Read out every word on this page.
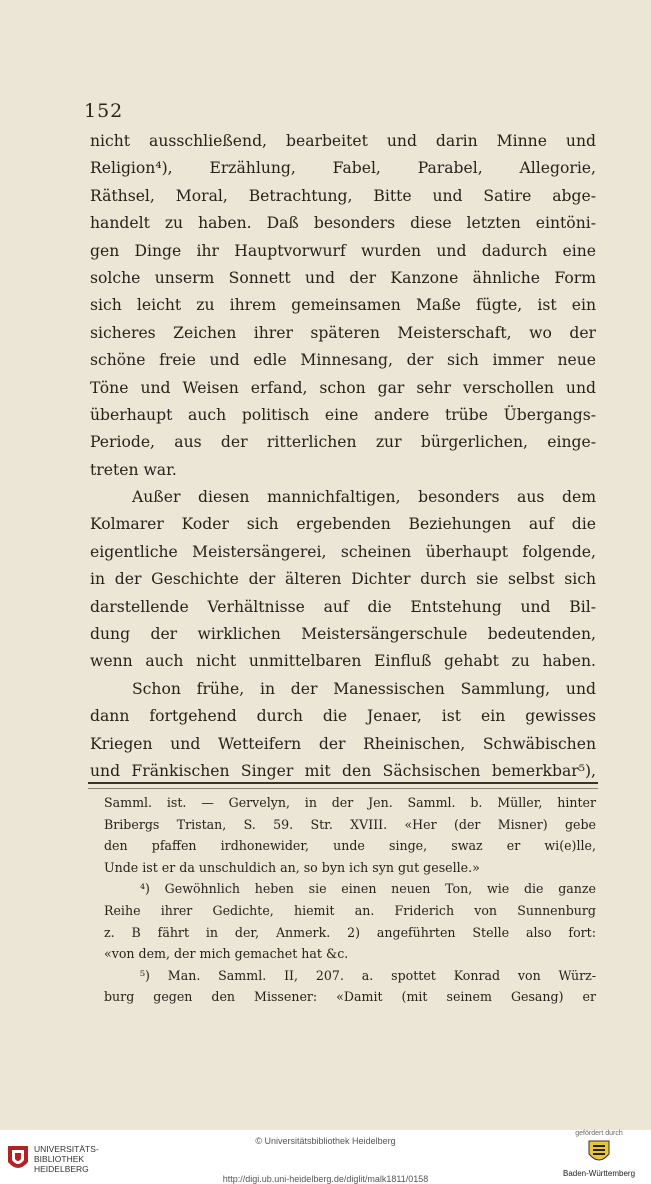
152
nicht ausschließend, bearbeitet und darin Minne und
Religion⁴), Erzählung, Fabel, Parabel, Allegorie,
Räthsel, Moral, Betrachtung, Bitte und Satire abge-
handelt zu haben. Daß besonders diese letzten eintöni-
gen Dinge ihr Hauptvorwurf wurden und dadurch eine
solche unserm Sonnett und der Kanzone ähnliche Form
sich leicht zu ihrem gemeinsamen Maße fügte, ist ein
sicheres Zeichen ihrer späteren Meisterschaft, wo der
schöne freie und edle Minnesang, der sich immer neue
Töne und Weisen erfand, schon gar sehr verschollen und
überhaupt auch politisch eine andere trübe Übergangs-
Periode, aus der ritterlichen zur bürgerlichen, einge-
treten war.
Außer diesen mannichfaltigen, besonders aus dem
Kolmarer Koder sich ergebenden Beziehungen auf die
eigentliche Meistersängerei, scheinen überhaupt folgende,
in der Geschichte der älteren Dichter durch sie selbst sich
darstellende Verhältnisse auf die Entstehung und Bil-
dung der wirklichen Meistersängerschule bedeutenden,
wenn auch nicht unmittelbaren Einfluß gehabt zu haben.
Schon frühe, in der Manessischen Sammlung, und
dann fortgehend durch die Jenaer, ist ein gewisses
Kriegen und Wetteifern der Rheinischen, Schwäbischen
und Fränkischen Singer mit den Sächsischen bemerkbar⁵),
Samml. ist. — Gervelyn, in der Jen. Samml. b. Müller, hinter
Bribergs Tristan, S. 59. Str. XVIII. «Her (der Misner) gebe
den pfaffen irdhonewider, unde singe, swaz er wi(e)lle,
Unde ist er da unschuldich an, so byn ich syn gut geselle.»
⁴) Gewöhnlich heben sie einen neuen Ton, wie die ganze
Reihe ihrer Gedichte, hiemit an. Friderich von Sunnenburg
z. B fährt in der, Anmerk. 2) angeführten Stelle also fort:
«von dem, der mich gemachet hat &c.
⁵) Man. Samml. II, 207. a. spottet Konrad von Würz-
burg gegen den Missener: «Damit (mit seinem Gesang) er
UNIVERSITÄTS-
BIBLIOTHEK
HEIDELBERG
© Universitätsbibliothek Heidelberg
http://digi.ub.uni-heidelberg.de/diglit/malk1811/0158
gefördert durch
Baden-Württemberg
